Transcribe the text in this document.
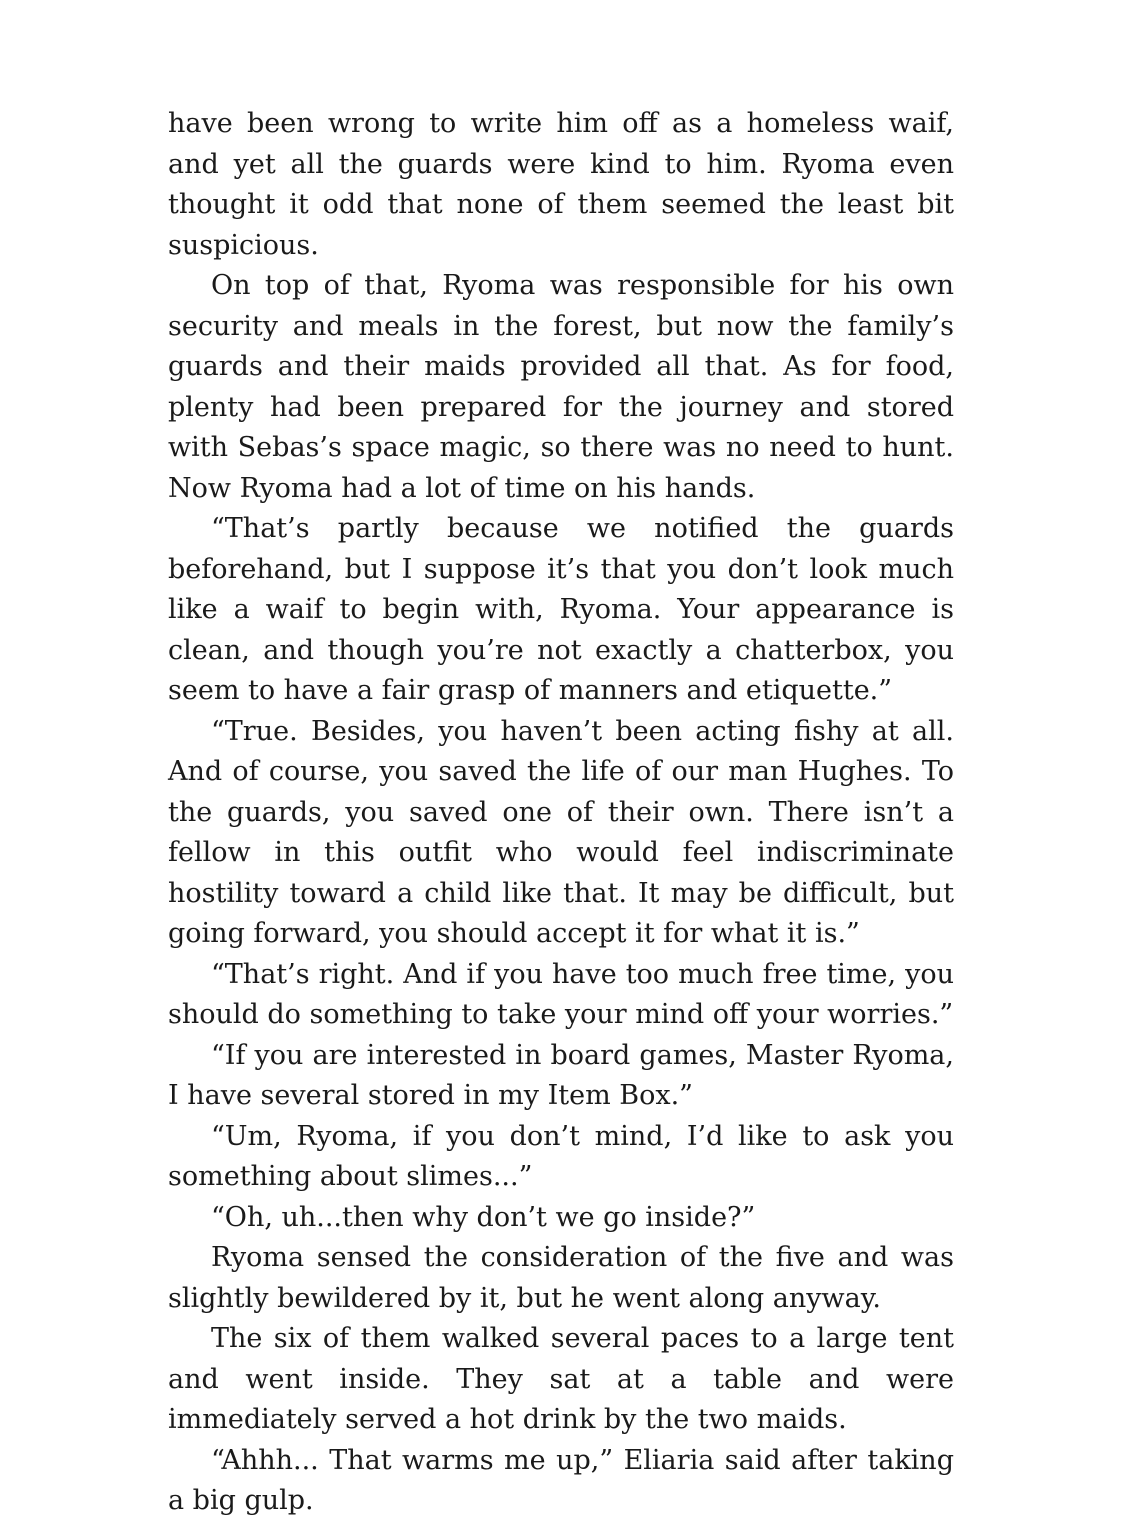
have been wrong to write him off as a homeless waif, and yet all the guards were kind to him. Ryoma even thought it odd that none of them seemed the least bit suspicious.

On top of that, Ryoma was responsible for his own security and meals in the forest, but now the family’s guards and their maids provided all that. As for food, plenty had been prepared for the journey and stored with Sebas’s space magic, so there was no need to hunt. Now Ryoma had a lot of time on his hands.

“That’s partly because we notified the guards beforehand, but I suppose it’s that you don’t look much like a waif to begin with, Ryoma. Your appearance is clean, and though you’re not exactly a chatterbox, you seem to have a fair grasp of manners and etiquette.”

“True. Besides, you haven’t been acting fishy at all. And of course, you saved the life of our man Hughes. To the guards, you saved one of their own. There isn’t a fellow in this outfit who would feel indiscriminate hostility toward a child like that. It may be difficult, but going forward, you should accept it for what it is.”

“That’s right. And if you have too much free time, you should do something to take your mind off your worries.”

“If you are interested in board games, Master Ryoma, I have several stored in my Item Box.”

“Um, Ryoma, if you don’t mind, I’d like to ask you something about slimes...”

“Oh, uh...then why don’t we go inside?”

Ryoma sensed the consideration of the five and was slightly bewildered by it, but he went along anyway.

The six of them walked several paces to a large tent and went inside. They sat at a table and were immediately served a hot drink by the two maids.

“Ahhh... That warms me up,” Eliaria said after taking a big gulp.
